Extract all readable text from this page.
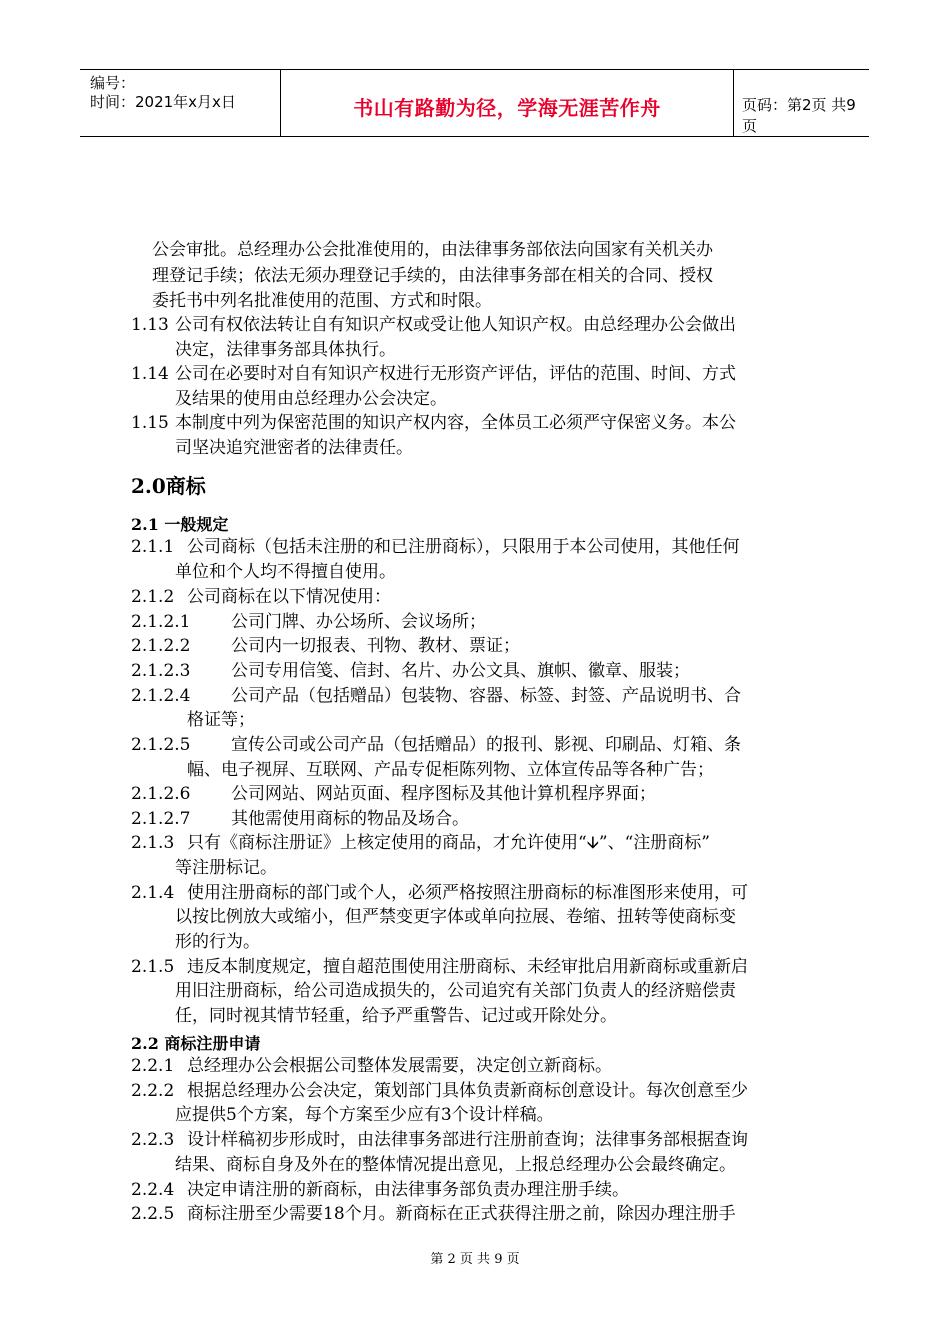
编号：
时间：2021年x月x日	书山有路勤为径，学海无涯苦作舟	页码：第2页 共9页
公会审批。总经理办公会批准使用的，由法律事务部依法向国家有关机关办
理登记手续；依法无须办理登记手续的，由法律事务部在相关的合同、授权
委托书中列名批准使用的范围、方式和时限。
1.13 公司有权依法转让自有知识产权或受让他人知识产权。由总经理办公会做出
决定，法律事务部具体执行。
1.14 公司在必要时对自有知识产权进行无形资产评估，评估的范围、时间、方式
及结果的使用由总经理办公会决定。
1.15 本制度中列为保密范围的知识产权内容，全体员工必须严守保密义务。本公
司坚决追究泄密者的法律责任。
2.0商标
2.1 一般规定
2.1.1 公司商标（包括未注册的和已注册商标），只限用于本公司使用，其他任何
单位和个人均不得擅自使用。
2.1.2 公司商标在以下情况使用：
2.1.2.1 公司门牌、办公场所、会议场所；
2.1.2.2 公司内一切报表、刊物、教材、票证；
2.1.2.3 公司专用信笺、信封、名片、办公文具、旗帜、徽章、服装；
2.1.2.4 公司产品（包括赠品）包装物、容器、标签、封签、产品说明书、合
格证等；
2.1.2.5 宣传公司或公司产品（包括赠品）的报刊、影视、印刷品、灯箱、条
幅、电子视屏、互联网、产品专促柜陈列物、立体宣传品等各种广告；
2.1.2.6 公司网站、网站页面、程序图标及其他计算机程序界面；
2.1.2.7 其他需使用商标的物品及场合。
2.1.3 只有《商标注册证》上核定使用的商品，才允许使用“🡫”、“注册商标”
等注册标记。
2.1.4 使用注册商标的部门或个人，必须严格按照注册商标的标准图形来使用，可
以按比例放大或缩小，但严禁变更字体或单向拉展、卷缩、扭转等使商标变
形的行为。
2.1.5 违反本制度规定，擅自超范围使用注册商标、未经审批启用新商标或重新启
用旧注册商标，给公司造成损失的，公司追究有关部门负责人的经济赔偿责
任，同时视其情节轻重，给予严重警告、记过或开除处分。
2.2 商标注册申请
2.2.1 总经理办公会根据公司整体发展需要，决定创立新商标。
2.2.2 根据总经理办公会决定，策划部门具体负责新商标创意设计。每次创意至少
应提供5个方案，每个方案至少应有3个设计样稿。
2.2.3 设计样稿初步形成时，由法律事务部进行注册前查询；法律事务部根据查询
结果、商标自身及外在的整体情况提出意见，上报总经理办公会最终确定。
2.2.4 决定申请注册的新商标，由法律事务部负责办理注册手续。
2.2.5 商标注册至少需要18个月。新商标在正式获得注册之前，除因办理注册手
第 2 页 共 9 页
